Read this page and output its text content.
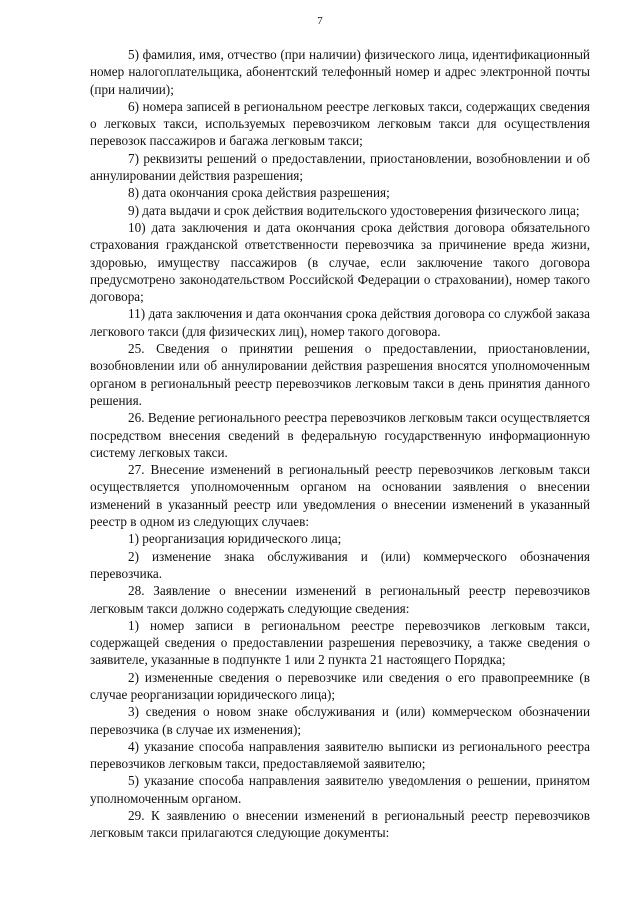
7

5) фамилия, имя, отчество (при наличии) физического лица, идентификационный номер налогоплательщика, абонентский телефонный номер и адрес электронной почты (при наличии);

6) номера записей в региональном реестре легковых такси, содержащих сведения о легковых такси, используемых перевозчиком легковым такси для осуществления перевозок пассажиров и багажа легковым такси;

7) реквизиты решений о предоставлении, приостановлении, возобновлении и об аннулировании действия разрешения;

8) дата окончания срока действия разрешения;

9) дата выдачи и срок действия водительского удостоверения физического лица;

10) дата заключения и дата окончания срока действия договора обязательного страхования гражданской ответственности перевозчика за причинение вреда жизни, здоровью, имуществу пассажиров (в случае, если заключение такого договора предусмотрено законодательством Российской Федерации о страховании), номер такого договора;

11) дата заключения и дата окончания срока действия договора со службой заказа легкового такси (для физических лиц), номер такого договора.

25. Сведения о принятии решения о предоставлении, приостановлении, возобновлении или об аннулировании действия разрешения вносятся уполномоченным органом в региональный реестр перевозчиков легковым такси в день принятия данного решения.

26. Ведение регионального реестра перевозчиков легковым такси осуществляется посредством внесения сведений в федеральную государственную информационную систему легковых такси.

27. Внесение изменений в региональный реестр перевозчиков легковым такси осуществляется уполномоченным органом на основании заявления о внесении изменений в указанный реестр или уведомления о внесении изменений в указанный реестр в одном из следующих случаев:

1) реорганизация юридического лица;

2) изменение знака обслуживания и (или) коммерческого обозначения перевозчика.

28. Заявление о внесении изменений в региональный реестр перевозчиков легковым такси должно содержать следующие сведения:

1) номер записи в региональном реестре перевозчиков легковым такси, содержащей сведения о предоставлении разрешения перевозчику, а также сведения о заявителе, указанные в подпункте 1 или 2 пункта 21 настоящего Порядка;

2) измененные сведения о перевозчике или сведения о его правопреемнике (в случае реорганизации юридического лица);

3) сведения о новом знаке обслуживания и (или) коммерческом обозначении перевозчика (в случае их изменения);

4) указание способа направления заявителю выписки из регионального реестра перевозчиков легковым такси, предоставляемой заявителю;

5) указание способа направления заявителю уведомления о решении, принятом уполномоченным органом.

29. К заявлению о внесении изменений в региональный реестр перевозчиков легковым такси прилагаются следующие документы:
